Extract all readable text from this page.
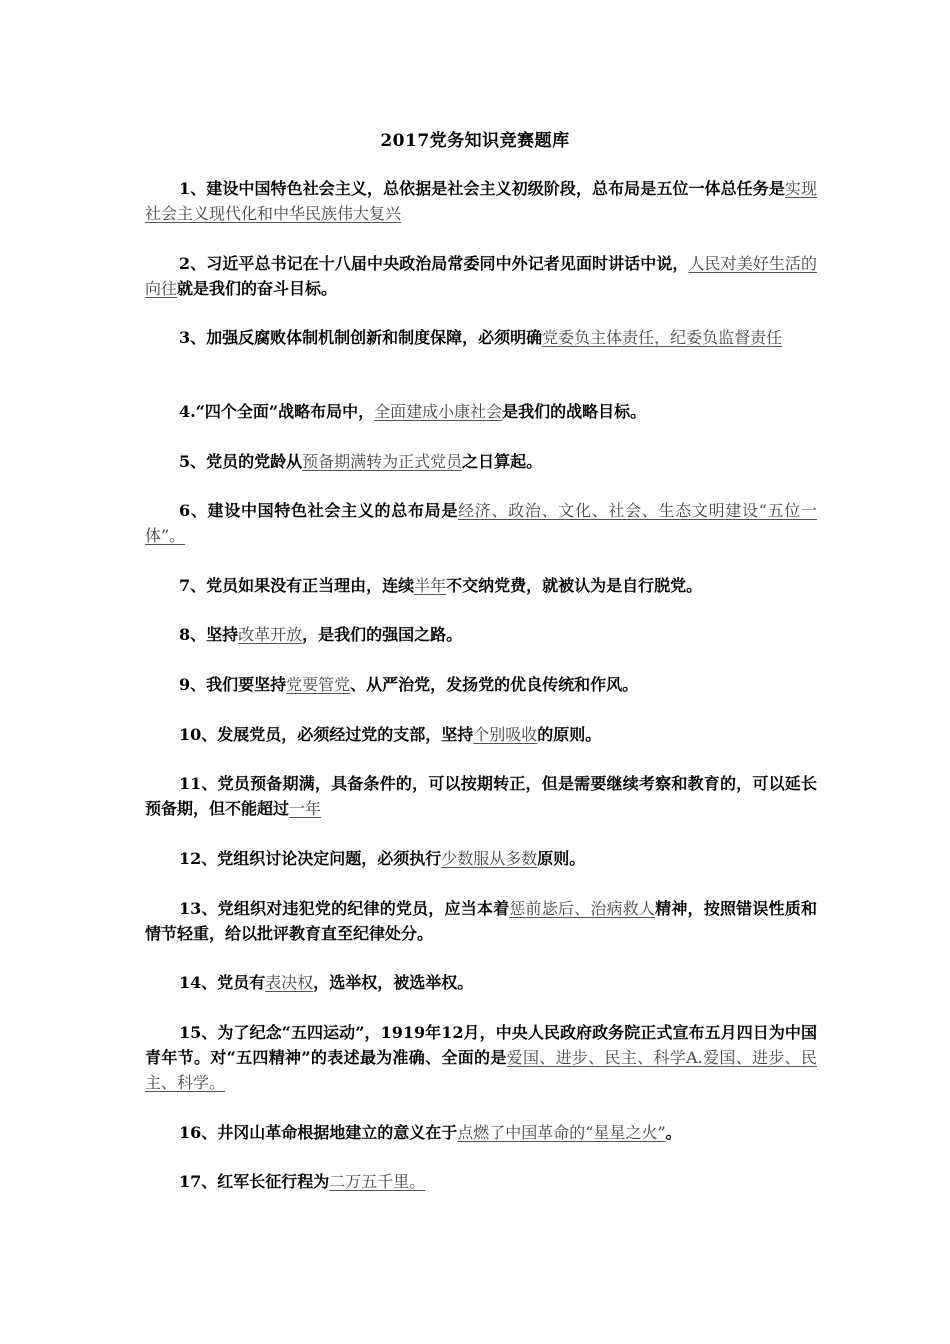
2017党务知识竞赛题库
1、建设中国特色社会主义，总依据是社会主义初级阶段，总布局是五位一体总任务是实现社会主义现代化和中华民族伟大复兴
2、习近平总书记在十八届中央政治局常委同中外记者见面时讲话中说，人民对美好生活的向往就是我们的奋斗目标。
3、加强反腐败体制机制创新和制度保障，必须明确党委负主体责任，纪委负监督责任
4.“四个全面”战略布局中，全面建成小康社会是我们的战略目标。
5、党员的党龄从预备期满转为正式党员之日算起。
6、建设中国特色社会主义的总布局是经济、政治、文化、社会、生态文明建设“五位一体”。
7、党员如果没有正当理由，连续半年不交纳党费，就被认为是自行脱党。
8、坚持改革开放，是我们的强国之路。
9、我们要坚持党要管党、从严治党，发扬党的优良传统和作风。
10、发展党员，必须经过党的支部，坚持个别吸收的原则。
11、党员预备期满，具备条件的，可以按期转正，但是需要继续考察和教育的，可以延长预备期，但不能超过一年
12、党组织讨论决定问题，必须执行少数服从多数原则。
13、党组织对违犯党的纪律的党员，应当本着惩前毖后、治病救人精神，按照错误性质和情节轻重，给以批评教育直至纪律处分。
14、党员有表决权，选举权，被选举权。
15、为了纪念“五四运动”，1919年12月，中央人民政府政务院正式宣布五月四日为中国青年节。对“五四精神”的表述最为准确、全面的是爱国、进步、民主、科学A.爱国、进步、民主、科学。
16、井冈山革命根据地建立的意义在于点燃了中国革命的“星星之火”。
17、红军长征行程为二万五千里。
